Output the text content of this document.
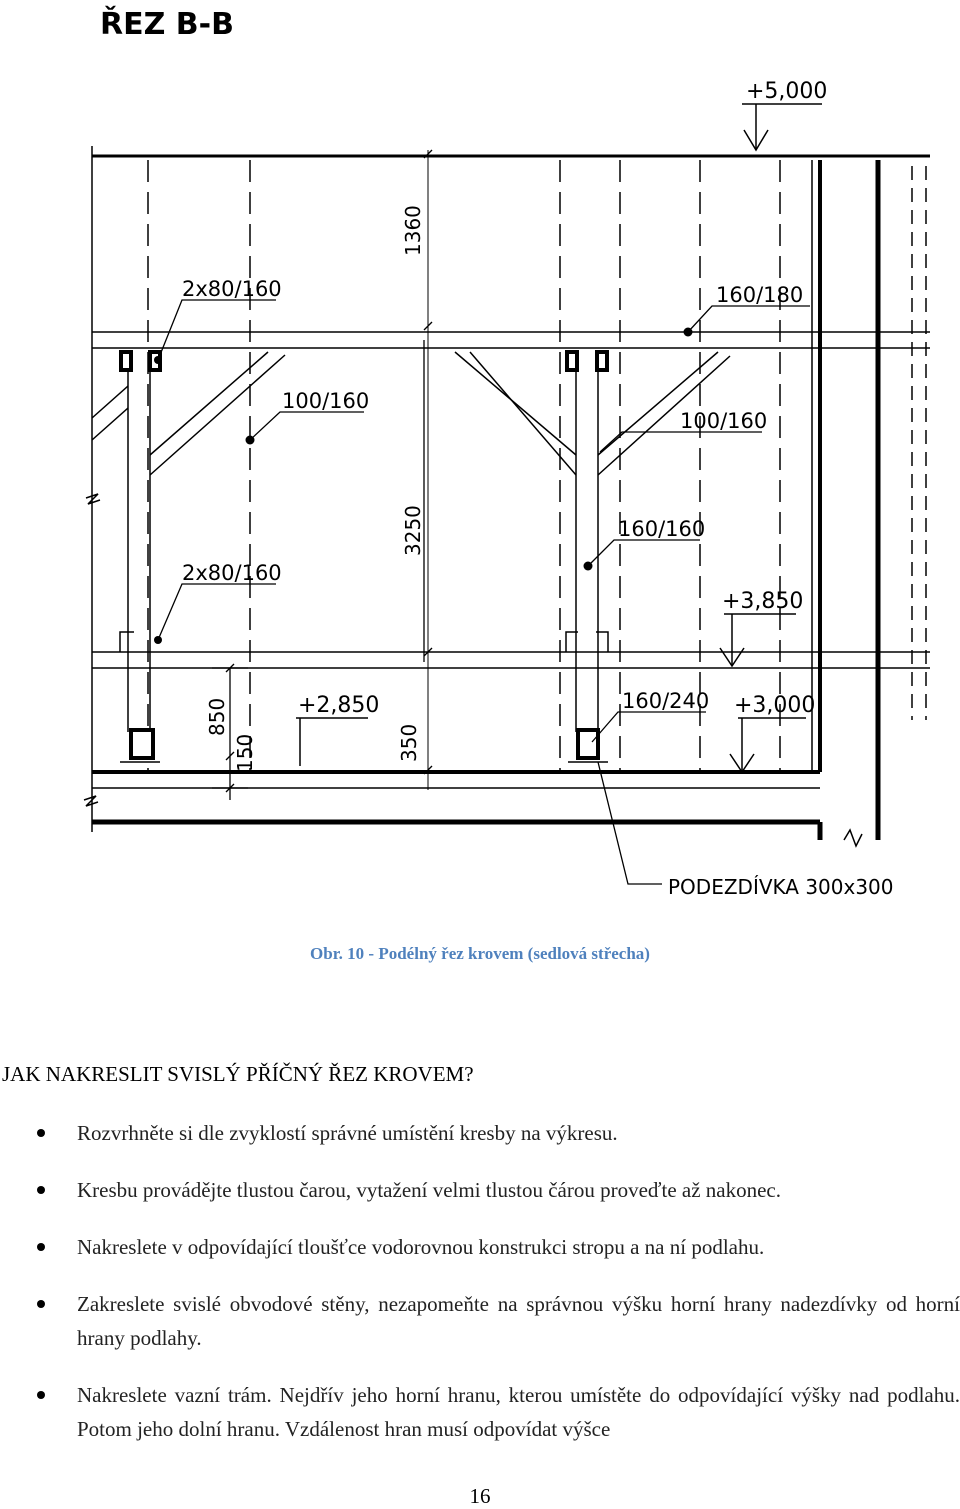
ŘEZ B-B
+5,000
+3,850
+3,000
+2,850
1360
3250
850
150	350
2x80/160
100/160
2x80/160
160/180
100/160
160/160
160/240
PODEZDÍVKA 300x300
Obr. 10 - Podélný řez krovem (sedlová střecha)
JAK NAKRESLIT SVISLÝ PŘÍČNÝ ŘEZ KROVEM?
Rozvrhněte si dle zvyklostí správné umístění kresby na výkresu.
Kresbu provádějte tlustou čarou, vytažení velmi tlustou čárou proveďte až nakonec.
Nakreslete v odpovídající tloušťce vodorovnou konstrukci stropu a na ní podlahu.
Zakreslete svislé obvodové stěny, nezapomeňte na správnou výšku horní hrany nadezdívky od horní hrany podlahy.
Nakreslete vazní trám. Nejdřív jeho horní hranu, kterou umístěte do odpovídající výšky nad podlahu. Potom jeho dolní hranu. Vzdálenost hran musí odpovídat výšce
16
